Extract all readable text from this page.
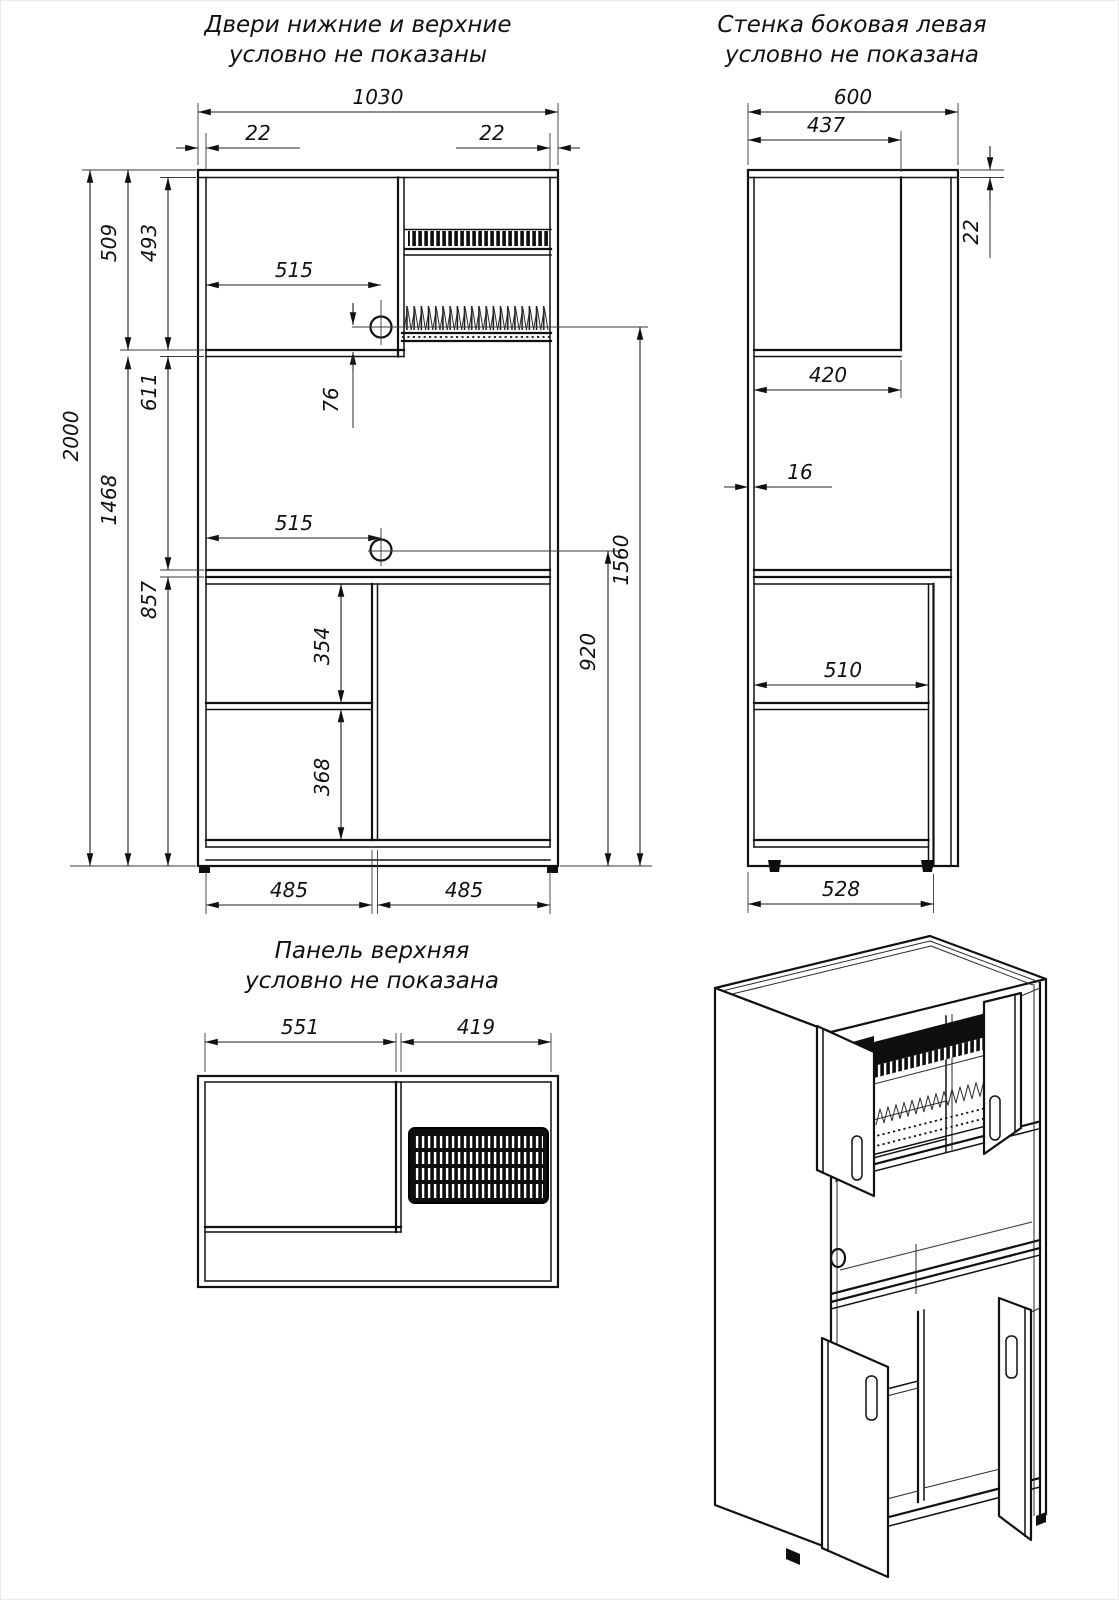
Двери нижние и верхние
условно не показаны
1030
22	22
2000
509
1468
493
611
857
515
76
515
354
368
1560
920
485	485
Стенка боковая левая
условно не показана
600
437
22
420
16
510
528
Панель верхняя
условно не показана
551	419
